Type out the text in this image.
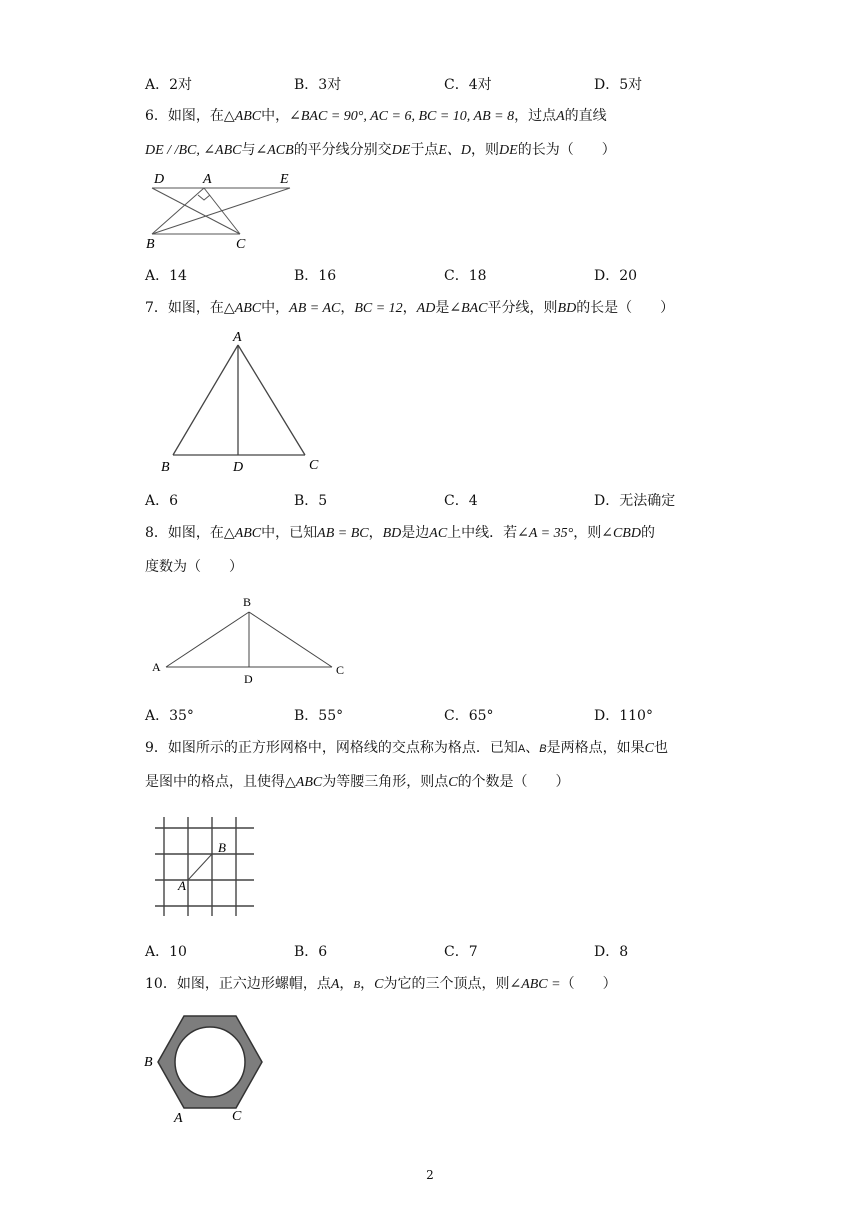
A．2对	B．3对	C．4对	D．5对
6．如图，在△ABC中，∠BAC = 90°, AC = 6, BC = 10, AB = 8，过点A的直线
DE / /BC, ∠ABC与∠ACB的平分线分别交DE于点E、D，则DE的长为（　　）
D	A	E
B	C
A．14	B．16	C．18	D．20
7．如图，在△ABC中，AB = AC，BC = 12，AD是∠BAC平分线，则BD的长是（　　）
A
B	D	C
A．6	B．5	C．4	D．无法确定
8．如图，在△ABC中，已知AB = BC，BD是边AC上中线．若∠A = 35°，则∠CBD的
度数为（　　）
B
A	C
D
A．35°	B．55°	C．65°	D．110°
9．如图所示的正方形网格中，网格线的交点称为格点．已知A、B是两格点，如果C也
是图中的格点，且使得△ABC为等腰三角形，则点C的个数是（　　）
A
B
A．10	B．6	C．7	D．8
10．如图，正六边形螺帽，点A，B，C为它的三个顶点，则∠ABC =（　　）
B
A	C
2
